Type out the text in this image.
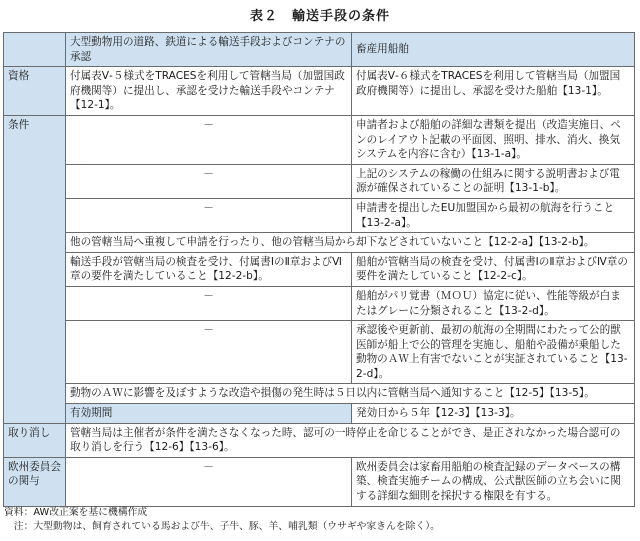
表２　輸送手段の条件
	大型動物用の道路、鉄道による輸送手段およびコンテナの承認	畜産用船舶
資格	付属表Ⅴ‐５様式をTRACESを利用して管轄当局（加盟国政府機関等）に提出し、承認を受けた輸送手段やコンテナ【12-1】。	付属表Ⅴ‐６様式をTRACESを利用して管轄当局（加盟国政府機関等）に提出し、承認を受けた船舶【13-1】。
条件	－	申請者および船舶の詳細な書類を提出（改造実施日、ペンのレイアウト記載の平面図、照明、排水、消火、換気システムを内容に含む）【13-1-a】。
	－	上記のシステムの稼働の仕組みに関する説明書および電源が確保されていることの証明【13-1-b】。
	－	申請書を提出したEU加盟国から最初の航海を行うこと【13-2-a】。
	他の管轄当局へ重複して申請を行ったり、他の管轄当局から却下などされていないこと【12-2-a】【13-2-b】。	
	輸送手段が管轄当局の検査を受け、付属書ⅠのⅡ章およびⅥ章の要件を満たしていること【12-2-b】。	船舶が管轄当局の検査を受け、付属書ⅠのⅡ章およびⅣ章の要件を満たしていること【12-2-c】。
	－	船舶がパリ覚書（ＭＯＵ）協定に従い、性能等級が白またはグレーに分類されること【13-2-d】。
	－	承認後や更新前、最初の航海の全期間にわたって公的獣医師が船上で公的管理を実施し、船舶や設備が乗船した動物のＡＷ上有害でないことが実証されていること【13-2-d】。
	動物のＡＷに影響を及ぼすような改造や損傷の発生時は５日以内に管轄当局へ通知すること【12-5】【13-5】。	
	有効期間	発効日から５年【12-3】【13-3】。
取り消し	管轄当局は主催者が条件を満たさなくなった時、認可の一時停止を命じることができ、是正されなかった場合認可の取り消しを行う【12-6】【13-6】。	
欧州委員会の関与	－	欧州委員会は家畜用船舶の検査記録のデータベースの構築、検査実施チームの構成、公式獣医師の立ち会いに関する詳細な細則を採択する権限を有する。
資料：AW改正案を基に機構作成
　注：大型動物は、飼育されている馬および牛、子牛、豚、羊、哺乳類（ウサギや家きんを除く）。
